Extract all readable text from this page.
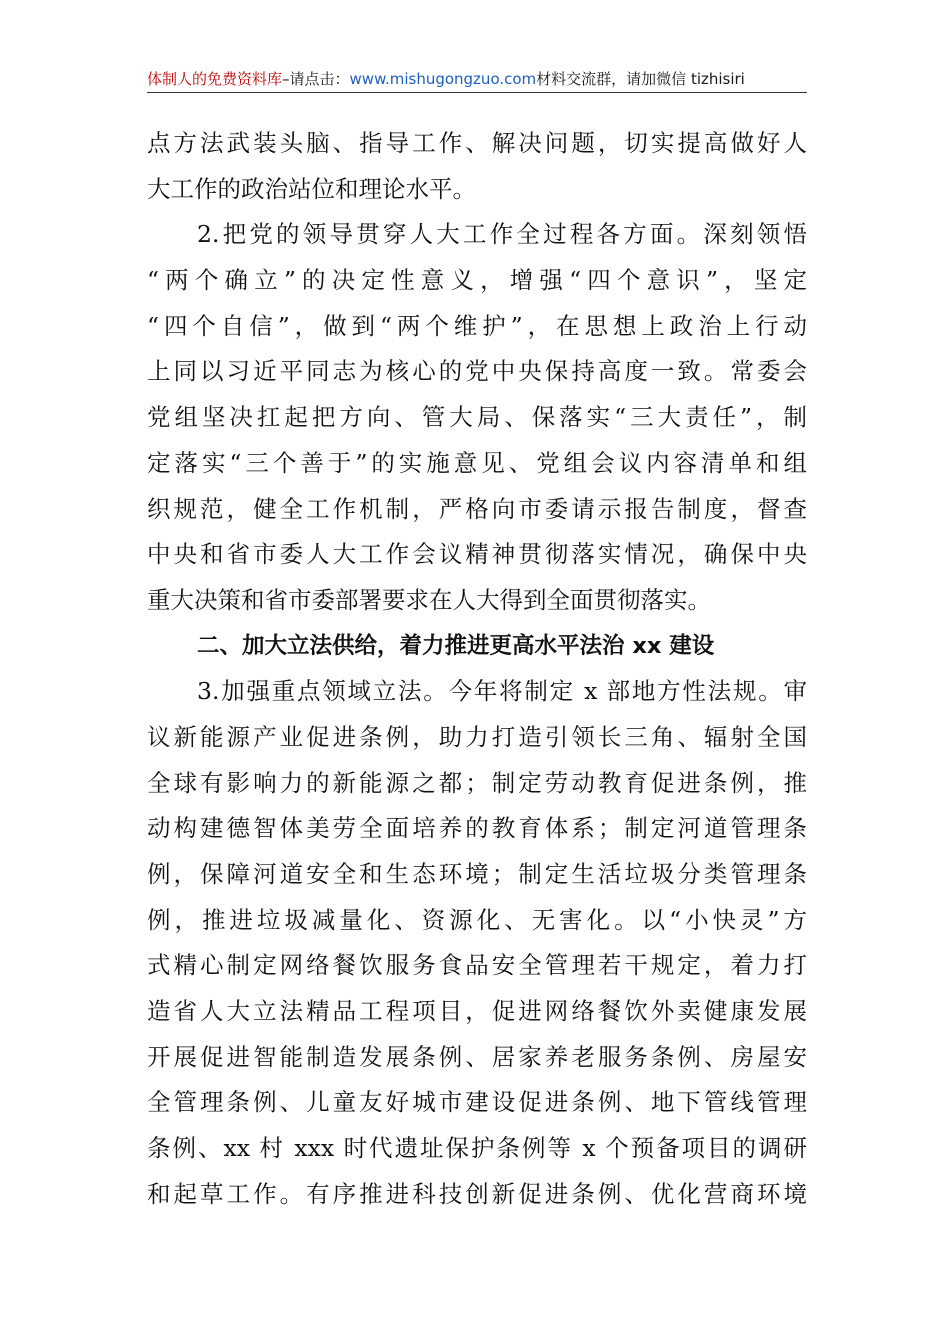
体制人的免费资料库–请点击：www.mishugongzuo.com材料交流群，请加微信 tizhisiri
点方法武装头脑、指导工作、解决问题，切实提高做好人
大工作的政治站位和理论水平。
2.把党的领导贯穿人大工作全过程各方面。深刻领悟
“两个确立”的决定性意义，增强“四个意识”，坚定
“四个自信”，做到“两个维护”，在思想上政治上行动
上同以习近平同志为核心的党中央保持高度一致。常委会
党组坚决扛起把方向、管大局、保落实“三大责任”，制
定落实“三个善于”的实施意见、党组会议内容清单和组
织规范，健全工作机制，严格向市委请示报告制度，督查
中央和省市委人大工作会议精神贯彻落实情况，确保中央
重大决策和省市委部署要求在人大得到全面贯彻落实。
二、加大立法供给，着力推进更高水平法治 xx 建设
3.加强重点领域立法。今年将制定 x 部地方性法规。审
议新能源产业促进条例，助力打造引领长三角、辐射全国
全球有影响力的新能源之都；制定劳动教育促进条例，推
动构建德智体美劳全面培养的教育体系；制定河道管理条
例，保障河道安全和生态环境；制定生活垃圾分类管理条
例，推进垃圾减量化、资源化、无害化。以“小快灵”方
式精心制定网络餐饮服务食品安全管理若干规定，着力打
造省人大立法精品工程项目，促进网络餐饮外卖健康发展
开展促进智能制造发展条例、居家养老服务条例、房屋安
全管理条例、儿童友好城市建设促进条例、地下管线管理
条例、xx 村 xxx 时代遗址保护条例等 x 个预备项目的调研
和起草工作。有序推进科技创新促进条例、优化营商环境
